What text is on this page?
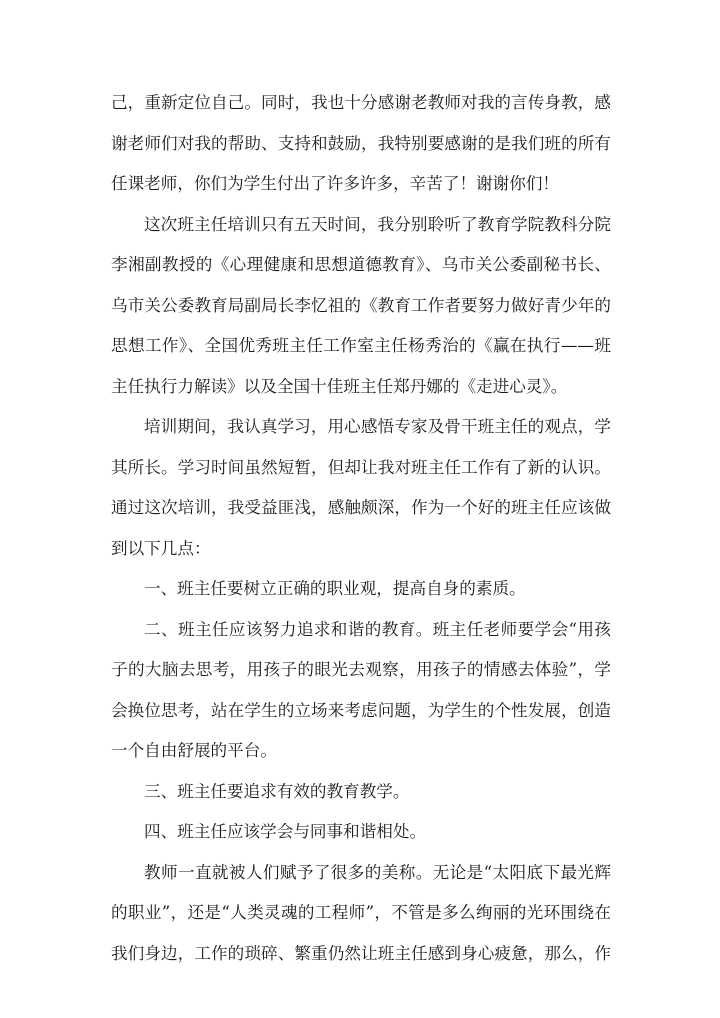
己，重新定位自己。同时，我也十分感谢老教师对我的言传身教，感
谢老师们对我的帮助、支持和鼓励，我特别要感谢的是我们班的所有
任课老师，你们为学生付出了许多许多，辛苦了！谢谢你们！
这次班主任培训只有五天时间，我分别聆听了教育学院教科分院
李湘副教授的《心理健康和思想道德教育》、乌市关公委副秘书长、
乌市关公委教育局副局长李忆祖的《教育工作者要努力做好青少年的
思想工作》、全国优秀班主任工作室主任杨秀治的《赢在执行——班
主任执行力解读》以及全国十佳班主任郑丹娜的《走进心灵》。
培训期间，我认真学习，用心感悟专家及骨干班主任的观点，学
其所长。学习时间虽然短暂，但却让我对班主任工作有了新的认识。
通过这次培训，我受益匪浅，感触颇深，作为一个好的班主任应该做
到以下几点：
一、班主任要树立正确的职业观，提高自身的素质。
二、班主任应该努力追求和谐的教育。班主任老师要学会“用孩
子的大脑去思考，用孩子的眼光去观察，用孩子的情感去体验”，学
会换位思考，站在学生的立场来考虑问题，为学生的个性发展，创造
一个自由舒展的平台。
三、班主任要追求有效的教育教学。
四、班主任应该学会与同事和谐相处。
教师一直就被人们赋予了很多的美称。无论是“太阳底下最光辉
的职业”，还是“人类灵魂的工程师”，不管是多么绚丽的光环围绕在
我们身边，工作的琐碎、繁重仍然让班主任感到身心疲惫，那么，作
